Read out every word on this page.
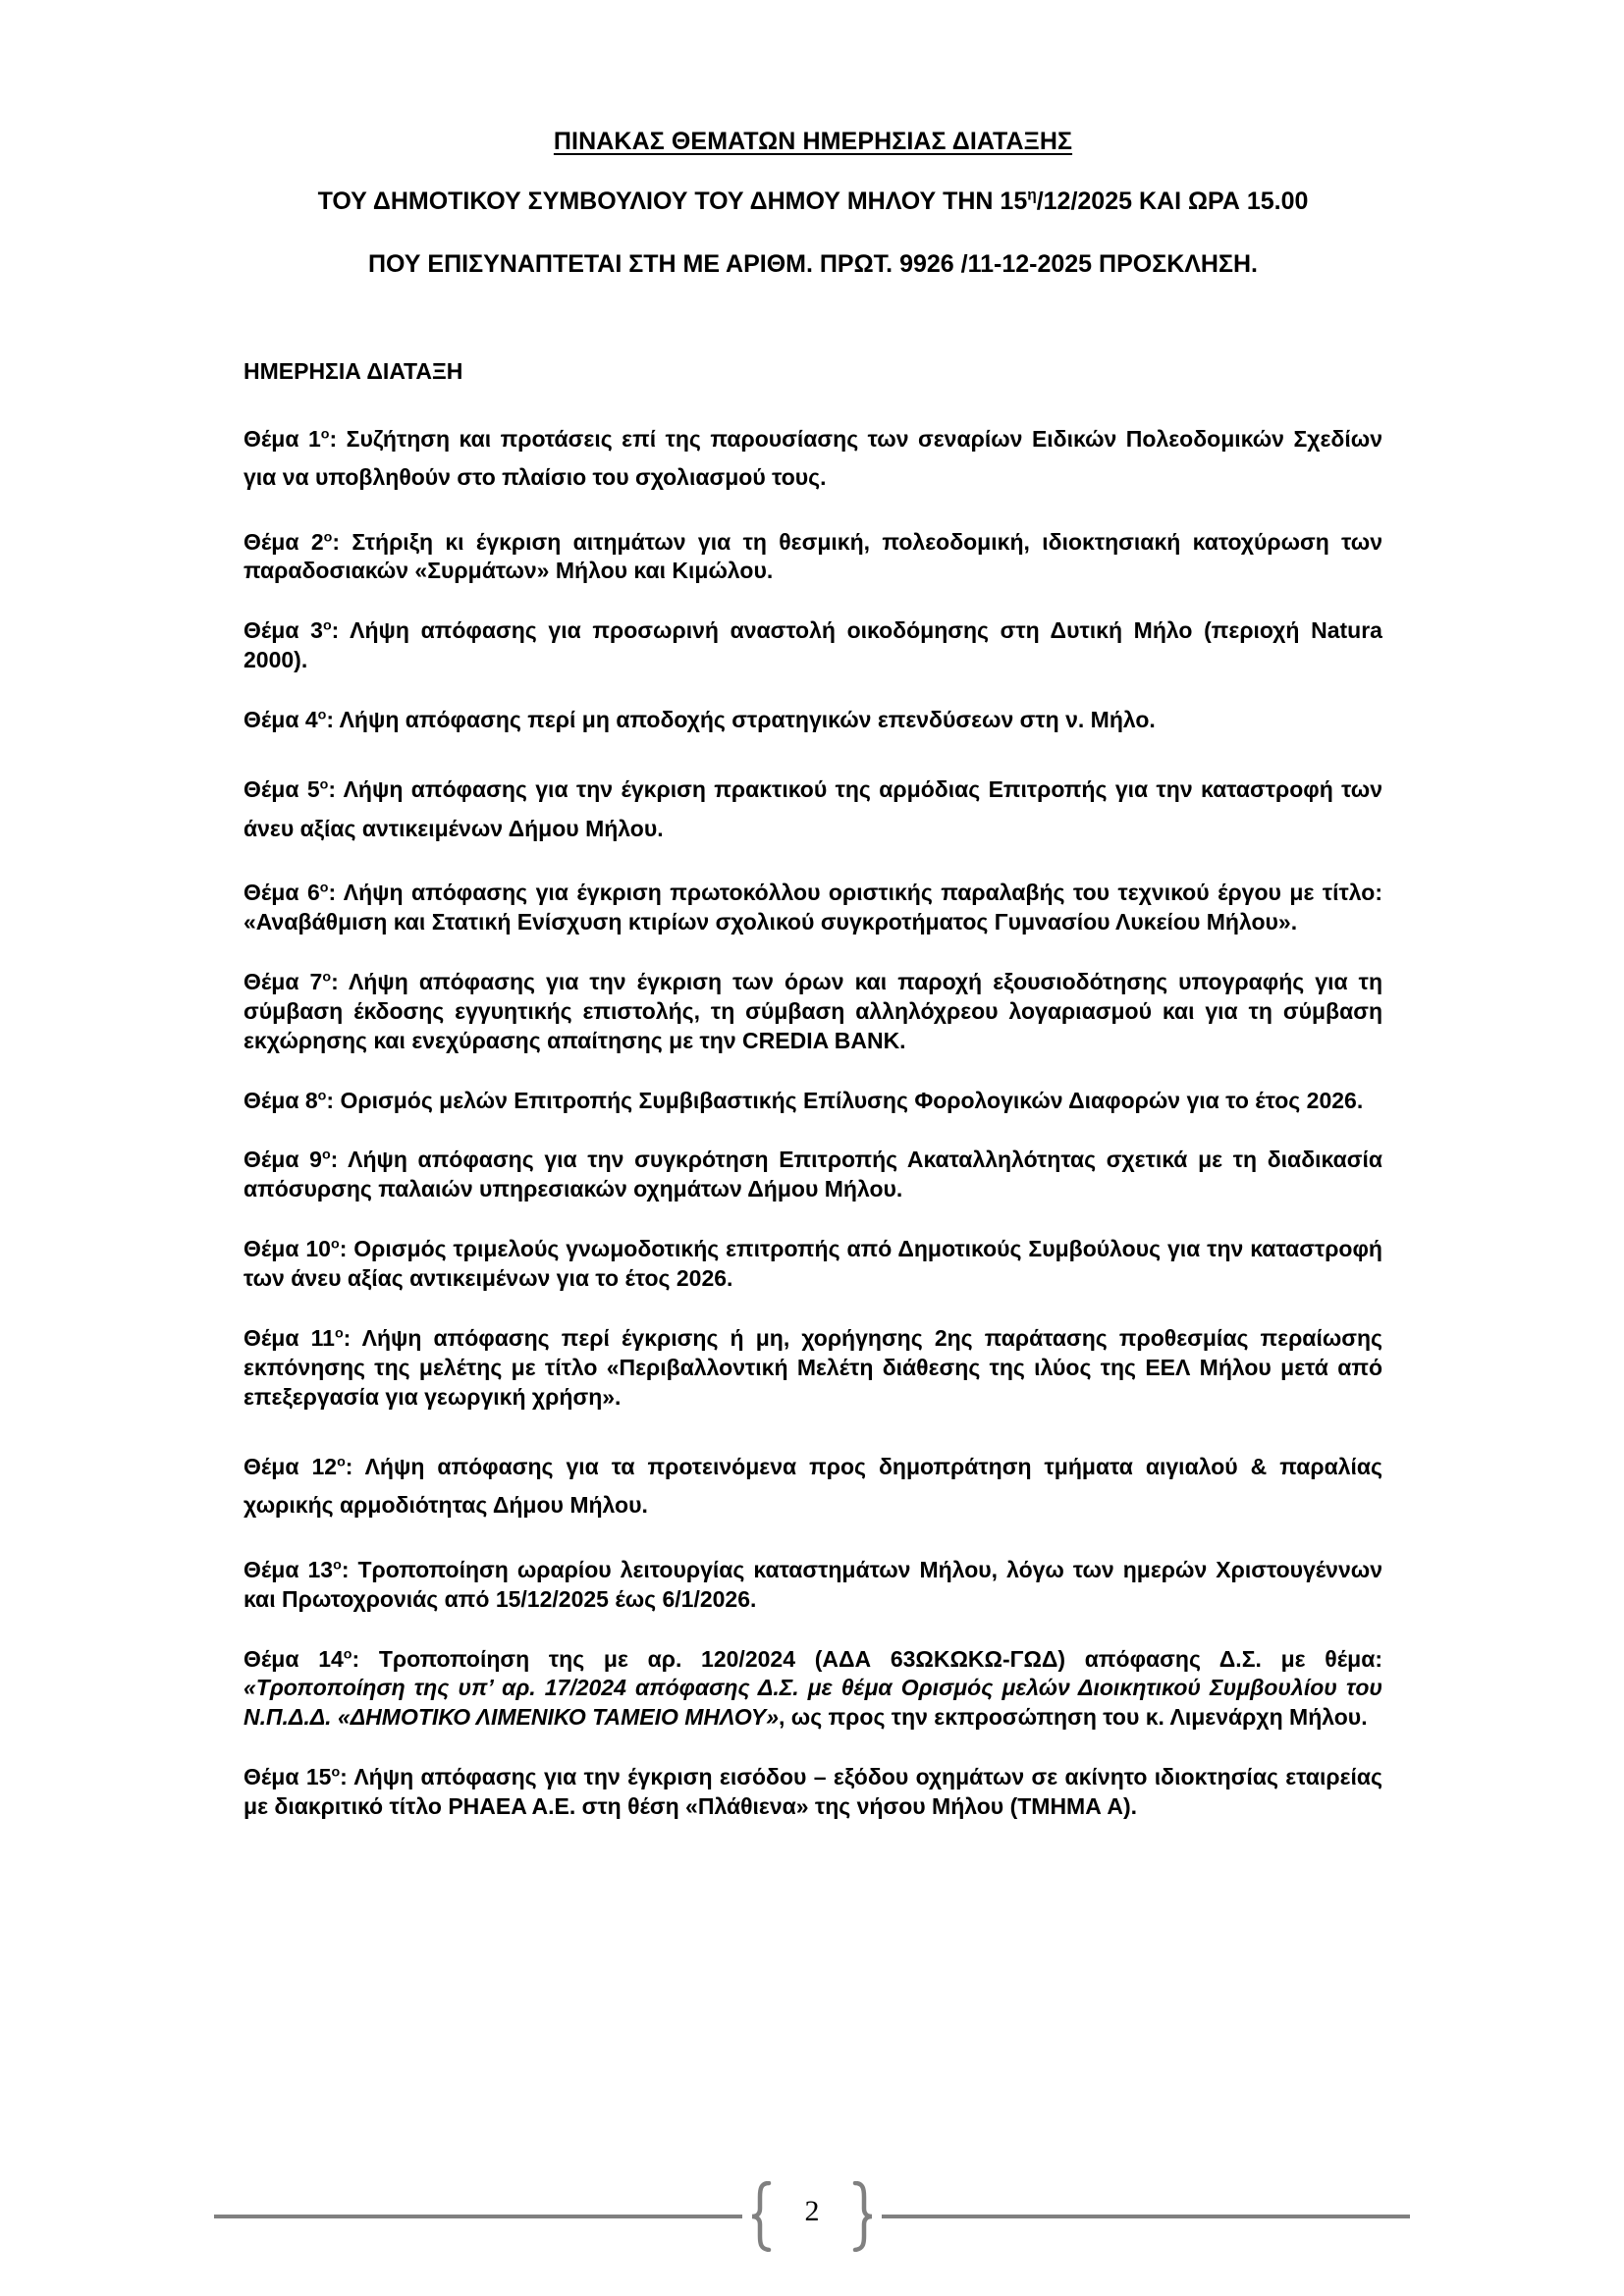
ΠΙΝΑΚΑΣ ΘΕΜΑΤΩΝ ΗΜΕΡΗΣΙΑΣ ΔΙΑΤΑΞΗΣ

ΤΟΥ ΔΗΜΟΤΙΚΟΥ ΣΥΜΒΟΥΛΙΟΥ ΤΟΥ ΔΗΜΟΥ ΜΗΛΟΥ ΤΗΝ $15^\eta/12/2025$ ΚΑΙ ΩΡΑ 15.00

ΠΟΥ ΕΠΙΣΥΝΑΠΤΕΤΑΙ ΣΤΗ ΜΕ ΑΡΙΘΜ. ΠΡΩΤ. 9926 /11-12-2025 ΠΡΟΣΚΛΗΣΗ.

ΗΜΕΡΗΣΙΑ ΔΙΑΤΑΞΗ

Θέμα $1^o$: Συζήτηση και προτάσεις επί της παρουσίασης των σεναρίων Ειδικών Πολεοδομικών Σχεδίων για να υποβληθούν στο πλαίσιο του σχολιασμού τους.

Θέμα $2^o$: Στήριξη κι έγκριση αιτημάτων για τη θεσμική, πολεοδομική, ιδιοκτησιακή κατοχύρωση των παραδοσιακών «Συρμάτων» Μήλου και Κιμώλου.

Θέμα $3^o$: Λήψη απόφασης για προσωρινή αναστολή οικοδόμησης στη Δυτική Μήλο (περιοχή Natura 2000).

Θέμα $4^o$: Λήψη απόφασης περί μη αποδοχής στρατηγικών επενδύσεων στη ν. Μήλο.

Θέμα $5^o$: Λήψη απόφασης για την έγκριση πρακτικού της αρμόδιας Επιτροπής για την καταστροφή των άνευ αξίας αντικειμένων Δήμου Μήλου.

Θέμα $6^o$: Λήψη απόφασης για έγκριση πρωτοκόλλου οριστικής παραλαβής του τεχνικού έργου με τίτλο: «Αναβάθμιση και Στατική Ενίσχυση κτιρίων σχολικού συγκροτήματος Γυμνασίου Λυκείου Μήλου».

Θέμα $7^o$: Λήψη απόφασης για την έγκριση των όρων και παροχή εξουσιοδότησης υπογραφής για τη σύμβαση έκδοσης εγγυητικής επιστολής, τη σύμβαση αλληλόχρεου λογαριασμού και για τη σύμβαση εκχώρησης και ενεχύρασης απαίτησης με την CREDIA BANK.

Θέμα $8^o$: Ορισμός μελών Επιτροπής Συμβιβαστικής Επίλυσης Φορολογικών Διαφορών για το έτος 2026.

Θέμα $9^o$: Λήψη απόφασης για την συγκρότηση Επιτροπής Ακαταλληλότητας σχετικά με τη διαδικασία απόσυρσης παλαιών υπηρεσιακών οχημάτων Δήμου Μήλου.

Θέμα $10^o$: Ορισμός τριμελούς γνωμοδοτικής επιτροπής από Δημοτικούς Συμβούλους για την καταστροφή των άνευ αξίας αντικειμένων για το έτος 2026.

Θέμα $11^o$: Λήψη απόφασης περί έγκρισης ή μη, χορήγησης 2ης παράτασης προθεσμίας περαίωσης εκπόνησης της μελέτης με τίτλο «Περιβαλλοντική Μελέτη διάθεσης της ιλύος της ΕΕΛ Μήλου μετά από επεξεργασία για γεωργική χρήση».

Θέμα $12^o$: Λήψη απόφασης για τα προτεινόμενα προς δημοπράτηση τμήματα αιγιαλού & παραλίας χωρικής αρμοδιότητας Δήμου Μήλου.

Θέμα $13^o$: Τροποποίηση ωραρίου λειτουργίας καταστημάτων Μήλου, λόγω των ημερών Χριστουγέννων και Πρωτοχρονιάς από 15/12/2025 έως 6/1/2026.

Θέμα $14^o$: Τροποποίηση της με αρ. 120/2024 (ΑΔΑ 63ΩΚΩΚΩ-ΓΩΔ) απόφασης Δ.Σ. με θέμα: «Τροποποίηση της υπ’ αρ. 17/2024 απόφασης Δ.Σ. με θέμα Ορισμός μελών Διοικητικού Συμβουλίου του Ν.Π.Δ.Δ. «ΔΗΜΟΤΙΚΟ ΛΙΜΕΝΙΚΟ ΤΑΜΕΙΟ ΜΗΛΟΥ», ως προς την εκπροσώπηση του κ. Λιμενάρχη Μήλου.

Θέμα $15^o$: Λήψη απόφασης για την έγκριση εισόδου – εξόδου οχημάτων σε ακίνητο ιδιοκτησίας εταιρείας με διακριτικό τίτλο PHAEA A.E. στη θέση «Πλάθιενα» της νήσου Μήλου (ΤΜΗΜΑ Α).

2
